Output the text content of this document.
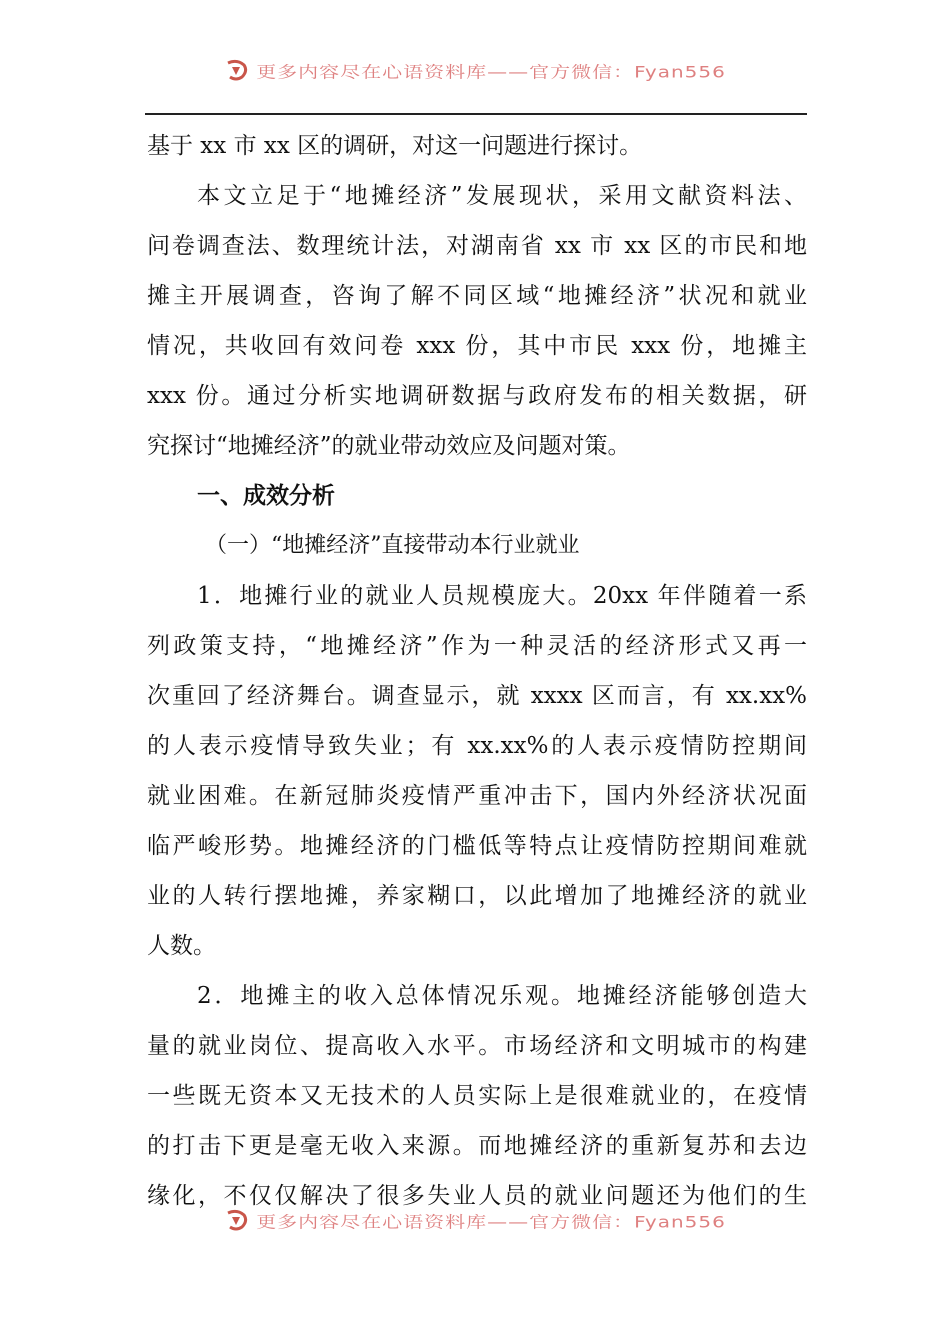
更多内容尽在心语资料库——官方微信：Fyan556
基于 xx 市 xx 区的调研，对这一问题进行探讨。
本文立足于“地摊经济”发展现状，采用文献资料法、
问卷调查法、数理统计法，对湖南省 xx 市 xx 区的市民和地
摊主开展调查，咨询了解不同区域“地摊经济”状况和就业
情况，共收回有效问卷 xxx 份，其中市民 xxx 份，地摊主
xxx 份。通过分析实地调研数据与政府发布的相关数据，研
究探讨“地摊经济”的就业带动效应及问题对策。
一、成效分析
（一）“地摊经济”直接带动本行业就业
1．地摊行业的就业人员规模庞大。20xx 年伴随着一系
列政策支持，“地摊经济”作为一种灵活的经济形式又再一
次重回了经济舞台。调查显示，就 xxxx 区而言，有 xx.xx%
的人表示疫情导致失业；有 xx.xx%的人表示疫情防控期间
就业困难。在新冠肺炎疫情严重冲击下，国内外经济状况面
临严峻形势。地摊经济的门槛低等特点让疫情防控期间难就
业的人转行摆地摊，养家糊口，以此增加了地摊经济的就业
人数。
2．地摊主的收入总体情况乐观。地摊经济能够创造大
量的就业岗位、提高收入水平。市场经济和文明城市的构建
一些既无资本又无技术的人员实际上是很难就业的，在疫情
的打击下更是毫无收入来源。而地摊经济的重新复苏和去边
缘化，不仅仅解决了很多失业人员的就业问题还为他们的生
更多内容尽在心语资料库——官方微信：Fyan556
